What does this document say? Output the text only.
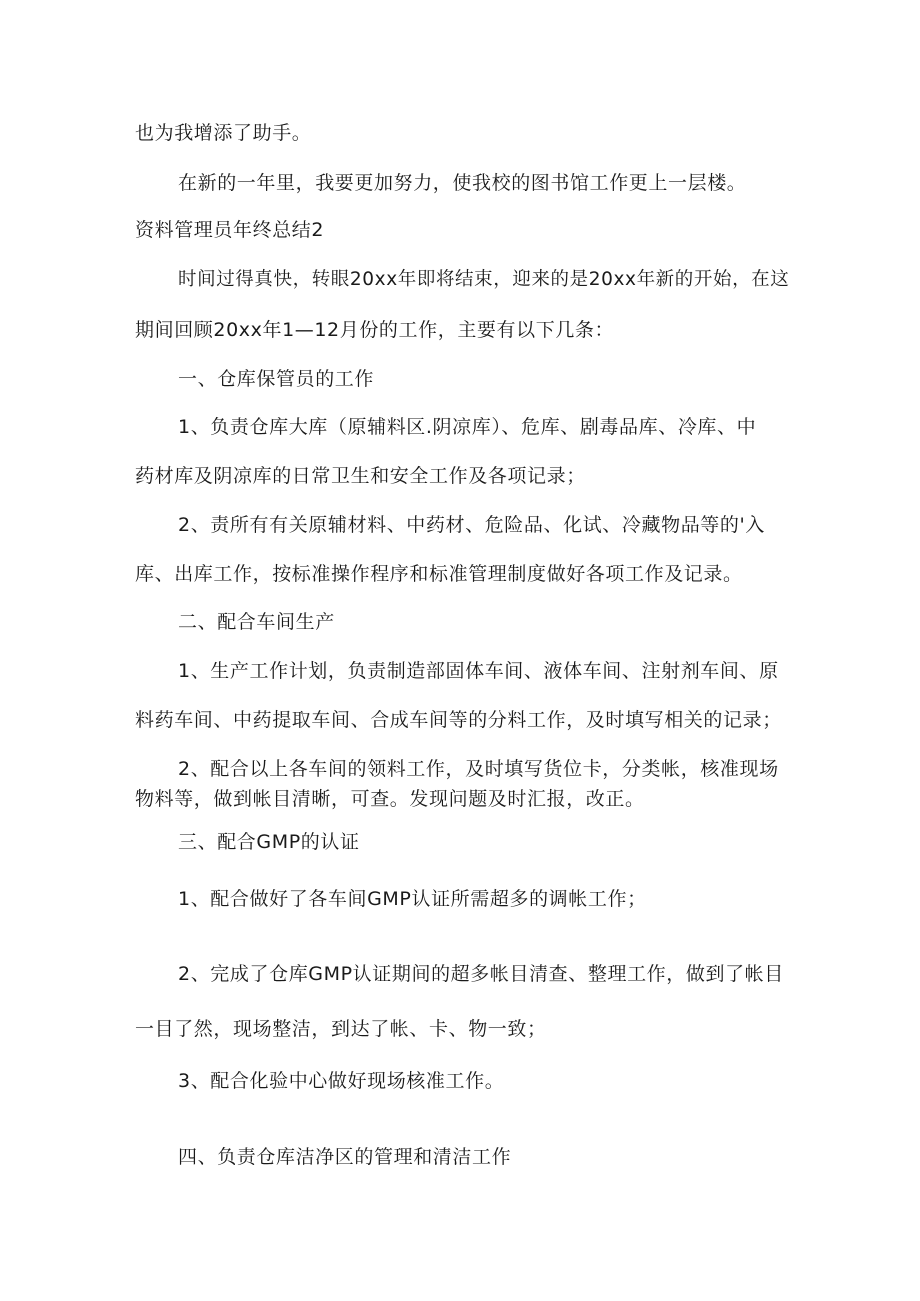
也为我增添了助手。

在新的一年里，我要更加努力，使我校的图书馆工作更上一层楼。

资料管理员年终总结2

时间过得真快，转眼20xx年即将结束，迎来的是20xx年新的开始，在这

期间回顾20xx年1—12月份的工作，主要有以下几条：

一、仓库保管员的工作

1、负责仓库大库（原辅料区.阴凉库）、危库、剧毒品库、冷库、中

药材库及阴凉库的日常卫生和安全工作及各项记录；

2、责所有有关原辅材料、中药材、危险品、化试、冷藏物品等的'入

库、出库工作，按标准操作程序和标准管理制度做好各项工作及记录。

二、配合车间生产

1、生产工作计划，负责制造部固体车间、液体车间、注射剂车间、原

料药车间、中药提取车间、合成车间等的分料工作，及时填写相关的记录；

2、配合以上各车间的领料工作，及时填写货位卡，分类帐，核准现场

物料等，做到帐目清晰，可查。发现问题及时汇报，改正。

三、配合GMP的认证

1、配合做好了各车间GMP认证所需超多的调帐工作；

2、完成了仓库GMP认证期间的超多帐目清查、整理工作，做到了帐目

一目了然，现场整洁，到达了帐、卡、物一致；

3、配合化验中心做好现场核准工作。

四、负责仓库洁净区的管理和清洁工作
